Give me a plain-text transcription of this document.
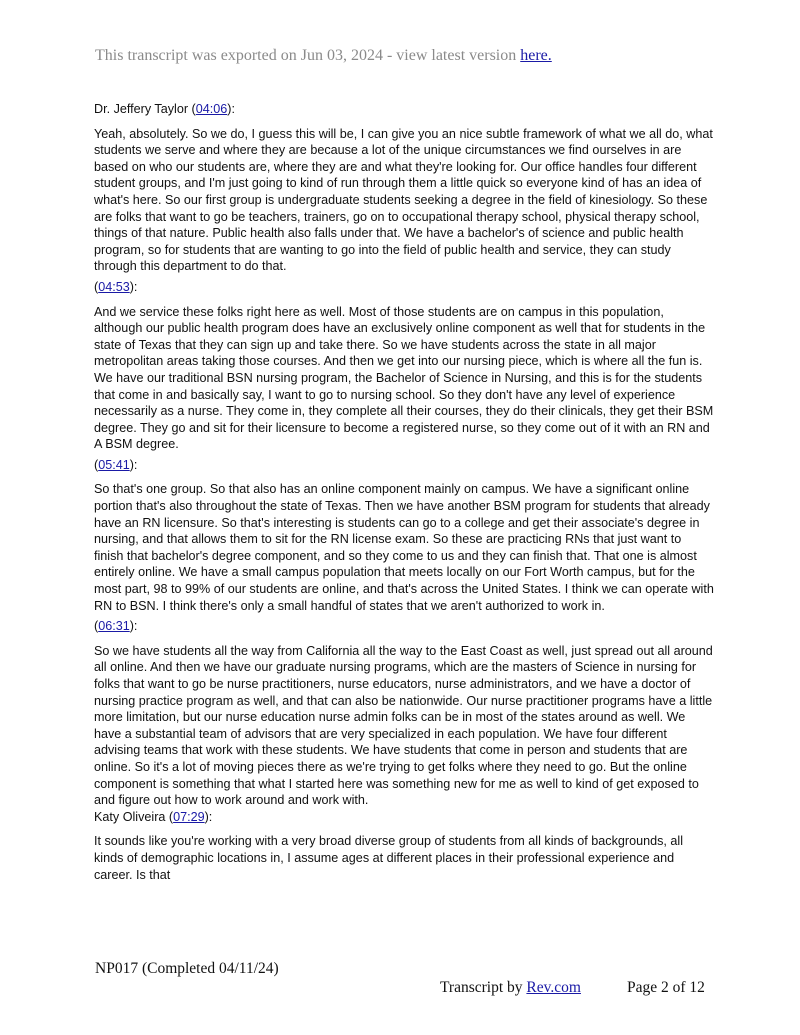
This transcript was exported on Jun 03, 2024 - view latest version here.
Dr. Jeffery Taylor (04:06):

Yeah, absolutely. So we do, I guess this will be, I can give you an nice subtle framework of what we all do, what students we serve and where they are because a lot of the unique circumstances we find ourselves in are based on who our students are, where they are and what they're looking for. Our office handles four different student groups, and I'm just going to kind of run through them a little quick so everyone kind of has an idea of what's here. So our first group is undergraduate students seeking a degree in the field of kinesiology. So these are folks that want to go be teachers, trainers, go on to occupational therapy school, physical therapy school, things of that nature. Public health also falls under that. We have a bachelor's of science and public health program, so for students that are wanting to go into the field of public health and service, they can study through this department to do that.

(04:53):

And we service these folks right here as well. Most of those students are on campus in this population, although our public health program does have an exclusively online component as well that for students in the state of Texas that they can sign up and take there. So we have students across the state in all major metropolitan areas taking those courses. And then we get into our nursing piece, which is where all the fun is. We have our traditional BSN nursing program, the Bachelor of Science in Nursing, and this is for the students that come in and basically say, I want to go to nursing school. So they don't have any level of experience necessarily as a nurse. They come in, they complete all their courses, they do their clinicals, they get their BSM degree. They go and sit for their licensure to become a registered nurse, so they come out of it with an RN and A BSM degree.

(05:41):

So that's one group. So that also has an online component mainly on campus. We have a significant online portion that's also throughout the state of Texas. Then we have another BSM program for students that already have an RN licensure. So that's interesting is students can go to a college and get their associate's degree in nursing, and that allows them to sit for the RN license exam. So these are practicing RNs that just want to finish that bachelor's degree component, and so they come to us and they can finish that. That one is almost entirely online. We have a small campus population that meets locally on our Fort Worth campus, but for the most part, 98 to 99% of our students are online, and that's across the United States. I think we can operate with RN to BSN. I think there's only a small handful of states that we aren't authorized to work in.

(06:31):

So we have students all the way from California all the way to the East Coast as well, just spread out all around all online. And then we have our graduate nursing programs, which are the masters of Science in nursing for folks that want to go be nurse practitioners, nurse educators, nurse administrators, and we have a doctor of nursing practice program as well, and that can also be nationwide. Our nurse practitioner programs have a little more limitation, but our nurse education nurse admin folks can be in most of the states around as well. We have a substantial team of advisors that are very specialized in each population. We have four different advising teams that work with these students. We have students that come in person and students that are online. So it's a lot of moving pieces there as we're trying to get folks where they need to go. But the online component is something that what I started here was something new for me as well to kind of get exposed to and figure out how to work around and work with.

Katy Oliveira (07:29):

It sounds like you're working with a very broad diverse group of students from all kinds of backgrounds, all kinds of demographic locations in, I assume ages at different places in their professional experience and career. Is that

NP017 (Completed 04/11/24)
Transcript by Rev.com	Page 2 of 12
